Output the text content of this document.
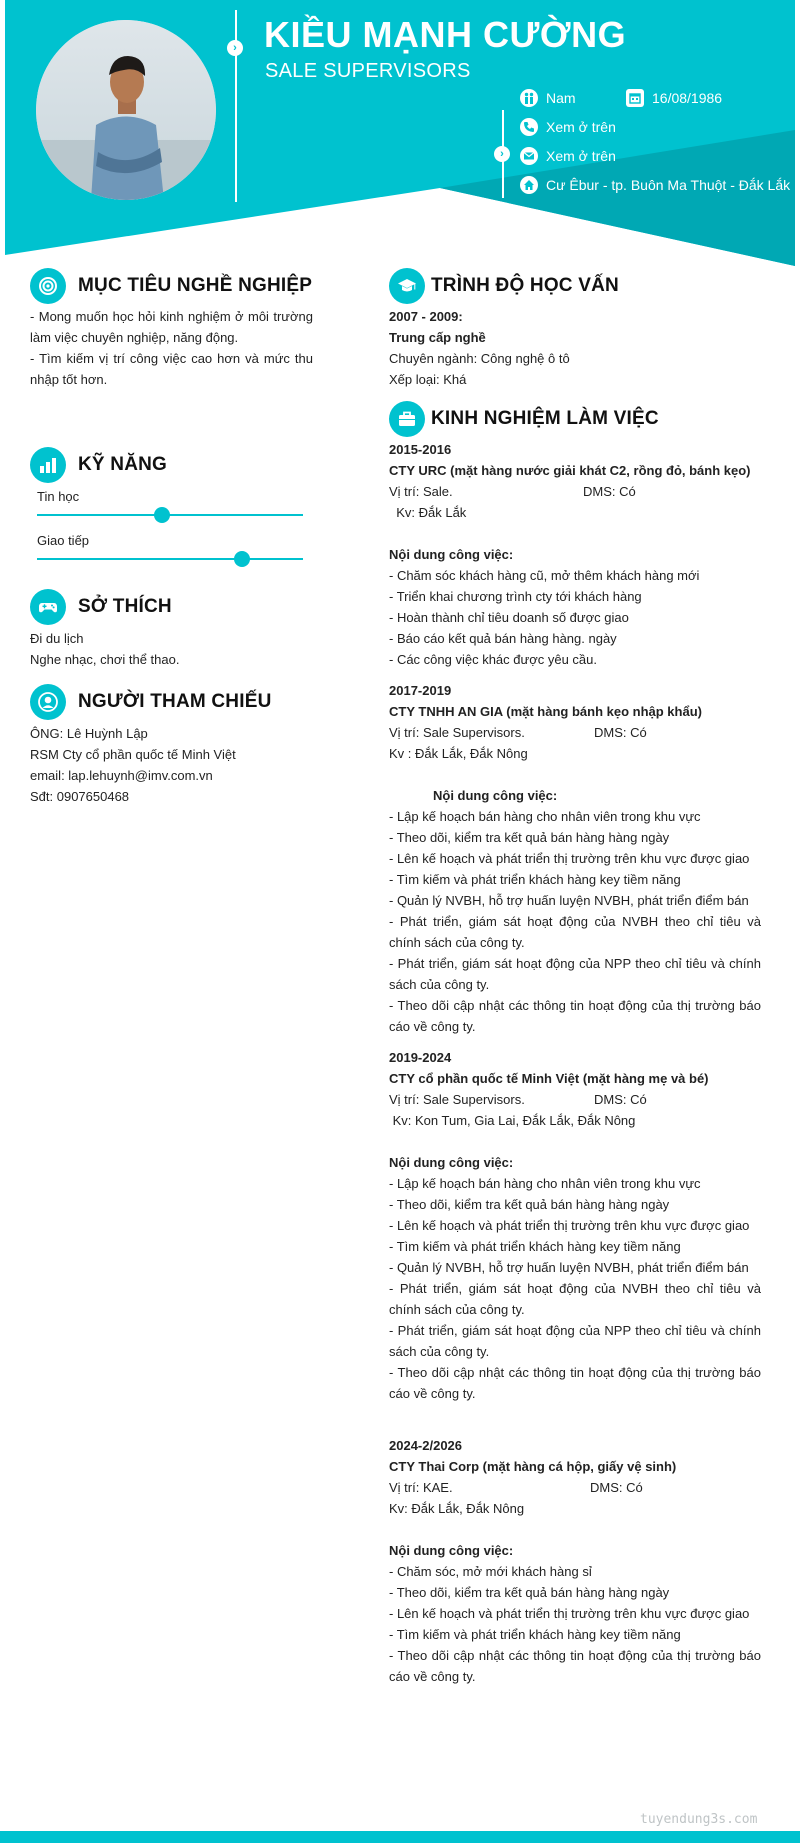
› KIỀU MẠNH CƯỜNG
SALE SUPERVISORS
›
Nam	16/08/1986
Xem ở trên
Xem ở trên
Cư Êbur - tp. Buôn Ma Thuột - Đắk Lắk
MỤC TIÊU NGHỀ NGHIỆP
- Mong muốn học hỏi kinh nghiệm ở môi trường làm việc chuyên nghiệp, năng động.
- Tìm kiếm vị trí công việc cao hơn và mức thu nhập tốt hơn.
KỸ NĂNG
Tin học
Giao tiếp
SỞ THÍCH
Đi du lịch
Nghe nhạc, chơi thể thao.
NGƯỜI THAM CHIẾU
ÔNG: Lê Huỳnh Lập
RSM Cty cổ phần quốc tế Minh Việt
email: lap.lehuynh@imv.com.vn
Sđt: 0907650468
TRÌNH ĐỘ HỌC VẤN
2007 - 2009:
Trung cấp nghề
Chuyên ngành: Công nghệ ô tô
Xếp loại: Khá
KINH NGHIỆM LÀM VIỆC
2015-2016
CTY URC (mặt hàng nước giải khát C2, rồng đỏ, bánh kẹo)
Vị trí: Sale.	DMS: Có
Kv: Đắk Lắk
Nội dung công việc:
- Chăm sóc khách hàng cũ, mở thêm khách hàng mới
- Triển khai chương trình cty tới khách hàng
- Hoàn thành chỉ tiêu doanh số được giao
- Báo cáo kết quả bán hàng hàng. ngày
- Các công việc khác được yêu cầu.
2017-2019
CTY TNHH AN GIA (mặt hàng bánh kẹo nhập khẩu)
Vị trí: Sale Supervisors.	DMS: Có
Kv : Đắk Lắk, Đắk Nông
Nội dung công việc:
- Lập kế hoạch bán hàng cho nhân viên trong khu vực
- Theo dõi, kiểm tra kết quả bán hàng hàng ngày
- Lên kế hoạch và phát triển thị trường trên khu vực được giao
- Tìm kiếm và phát triển khách hàng key tiềm năng
- Quản lý NVBH, hỗ trợ huấn luyện NVBH, phát triển điểm bán
- Phát triển, giám sát hoạt động của NVBH theo chỉ tiêu và chính sách của công ty.
- Phát triển, giám sát hoạt động của NPP theo chỉ tiêu và chính sách của công ty.
- Theo dõi cập nhật các thông tin hoạt động của thị trường báo cáo về công ty.
2019-2024
CTY cổ phần quốc tế Minh Việt (mặt hàng mẹ và bé)
Vị trí: Sale Supervisors.	DMS: Có
Kv: Kon Tum, Gia Lai, Đắk Lắk, Đắk Nông
Nội dung công việc:
- Lập kế hoạch bán hàng cho nhân viên trong khu vực
- Theo dõi, kiểm tra kết quả bán hàng hàng ngày
- Lên kế hoạch và phát triển thị trường trên khu vực được giao
- Tìm kiếm và phát triển khách hàng key tiềm năng
- Quản lý NVBH, hỗ trợ huấn luyện NVBH, phát triển điểm bán
- Phát triển, giám sát hoạt động của NVBH theo chỉ tiêu và chính sách của công ty.
- Phát triển, giám sát hoạt động của NPP theo chỉ tiêu và chính sách của công ty.
- Theo dõi cập nhật các thông tin hoạt động của thị trường báo cáo về công ty.
2024-2/2026
CTY Thai Corp (mặt hàng cá hộp, giấy vệ sinh)
Vị trí: KAE.	DMS: Có
Kv: Đắk Lắk, Đắk Nông
Nội dung công việc:
- Chăm sóc, mở mới khách hàng sỉ
- Theo dõi, kiểm tra kết quả bán hàng hàng ngày
- Lên kế hoạch và phát triển thị trường trên khu vực được giao
- Tìm kiếm và phát triển khách hàng key tiềm năng
- Theo dõi cập nhật các thông tin hoạt động của thị trường báo cáo về công ty.
tuyendung3s.com
